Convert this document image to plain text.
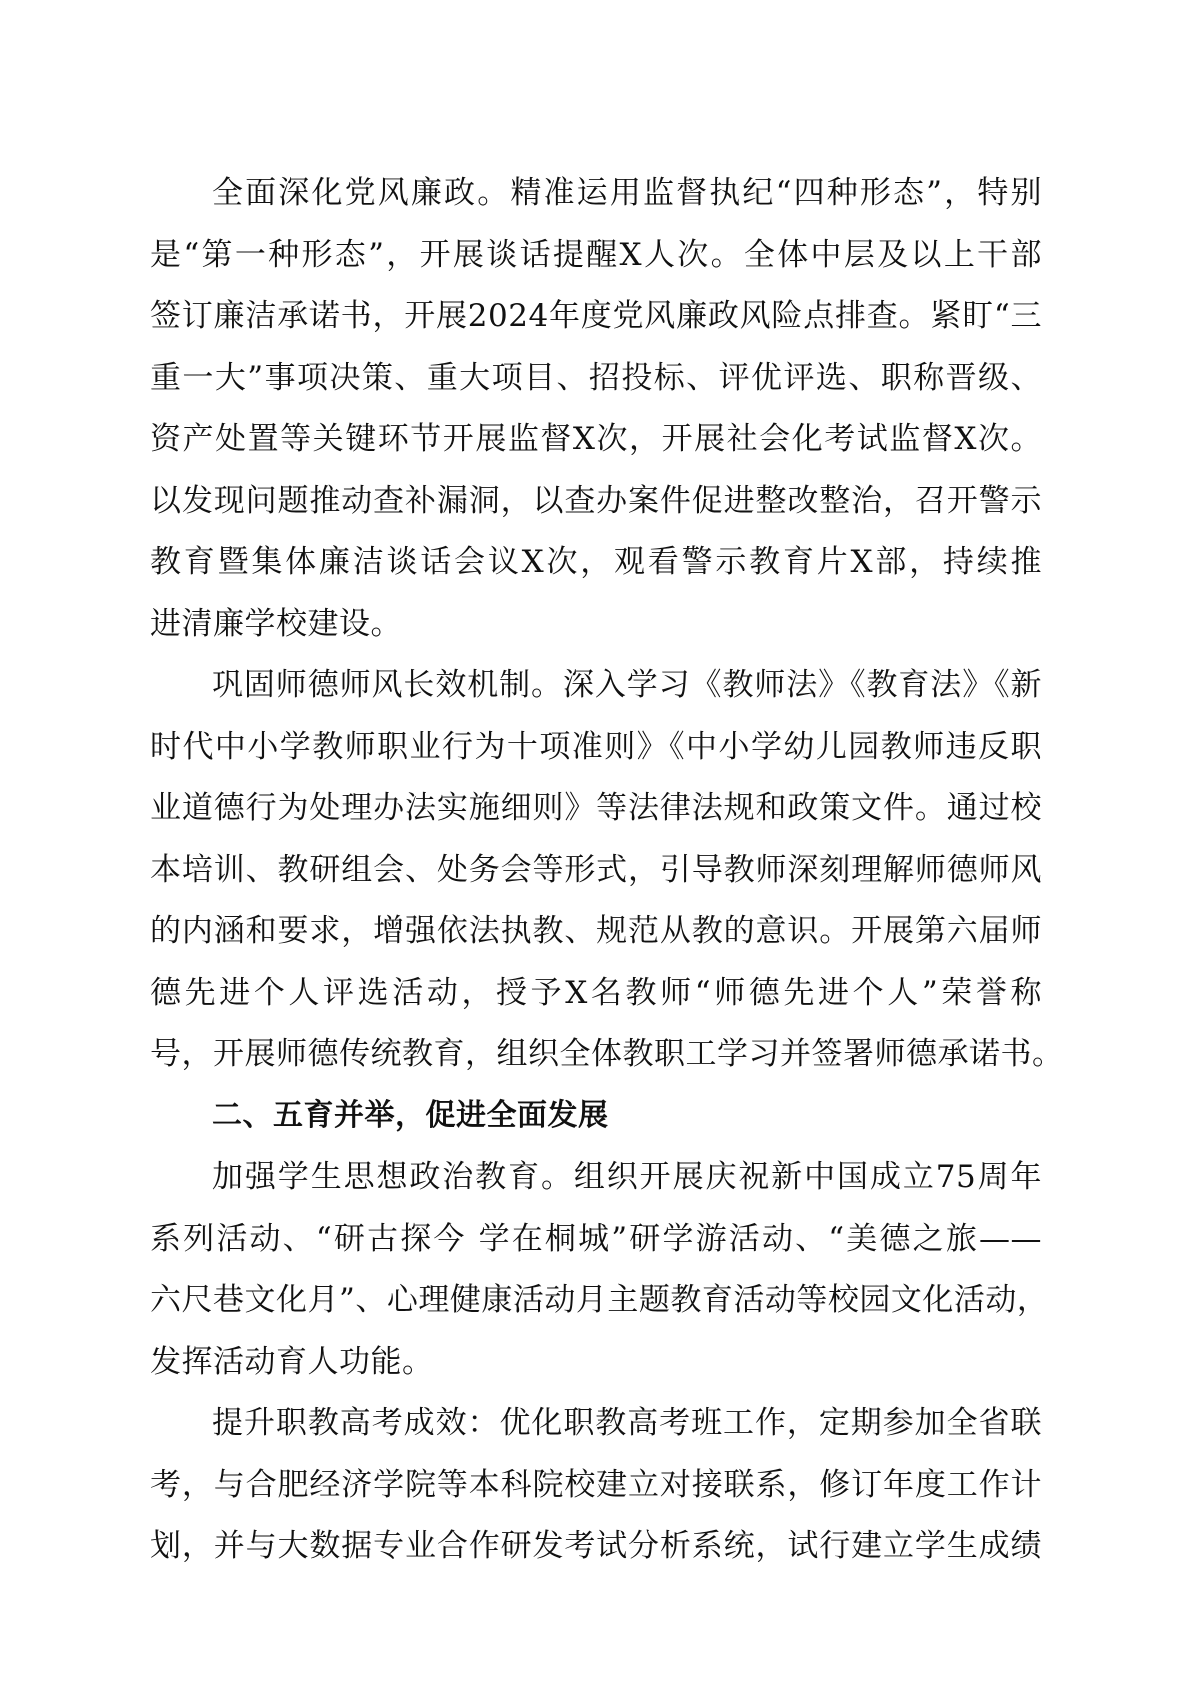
全面深化党风廉政。精准运用监督执纪“四种形态”，特别
是“第一种形态”，开展谈话提醒X人次。全体中层及以上干部
签订廉洁承诺书，开展2024年度党风廉政风险点排查。紧盯“三
重一大”事项决策、重大项目、招投标、评优评选、职称晋级、
资产处置等关键环节开展监督X次，开展社会化考试监督X次。
以发现问题推动查补漏洞，以查办案件促进整改整治，召开警示
教育暨集体廉洁谈话会议X次，观看警示教育片X部，持续推
进清廉学校建设。
巩固师德师风长效机制。深入学习《教师法》《教育法》《新
时代中小学教师职业行为十项准则》《中小学幼儿园教师违反职
业道德行为处理办法实施细则》等法律法规和政策文件。通过校
本培训、教研组会、处务会等形式，引导教师深刻理解师德师风
的内涵和要求，增强依法执教、规范从教的意识。开展第六届师
德先进个人评选活动，授予X名教师“师德先进个人”荣誉称
号，开展师德传统教育，组织全体教职工学习并签署师德承诺书。
二、五育并举，促进全面发展
加强学生思想政治教育。组织开展庆祝新中国成立75周年
系列活动、“研古探今 学在桐城”研学游活动、“美德之旅——
六尺巷文化月”、心理健康活动月主题教育活动等校园文化活动，
发挥活动育人功能。
提升职教高考成效：优化职教高考班工作，定期参加全省联
考，与合肥经济学院等本科院校建立对接联系，修订年度工作计
划，并与大数据专业合作研发考试分析系统，试行建立学生成绩
